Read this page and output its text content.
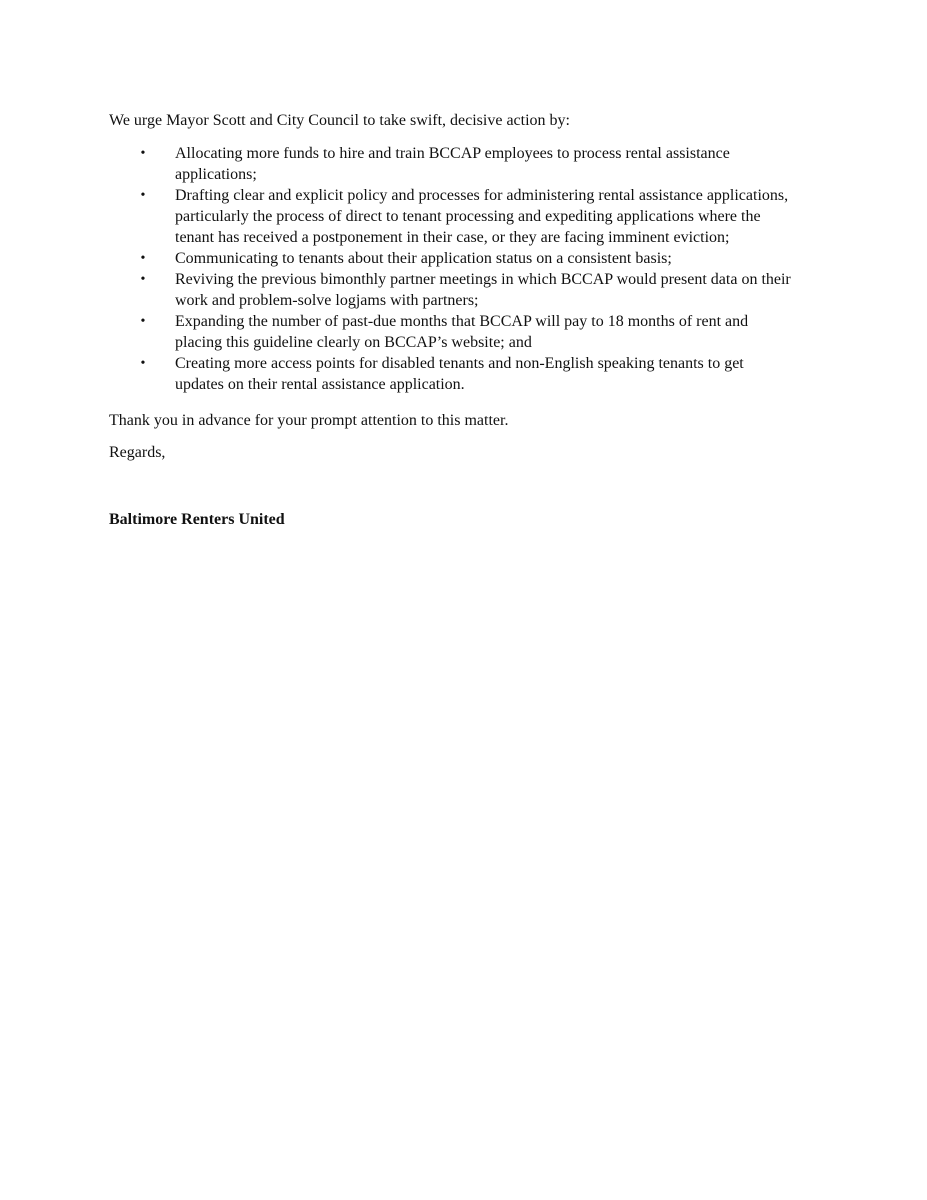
We urge Mayor Scott and City Council to take swift, decisive action by:

• Allocating more funds to hire and train BCCAP employees to process rental assistance
applications;
• Drafting clear and explicit policy and processes for administering rental assistance applications,
particularly the process of direct to tenant processing and expediting applications where the
tenant has received a postponement in their case, or they are facing imminent eviction;
• Communicating to tenants about their application status on a consistent basis;
• Reviving the previous bimonthly partner meetings in which BCCAP would present data on their
work and problem-solve logjams with partners;
• Expanding the number of past-due months that BCCAP will pay to 18 months of rent and
placing this guideline clearly on BCCAP’s website; and
• Creating more access points for disabled tenants and non-English speaking tenants to get
updates on their rental assistance application.

Thank you in advance for your prompt attention to this matter.

Regards,

Baltimore Renters United
